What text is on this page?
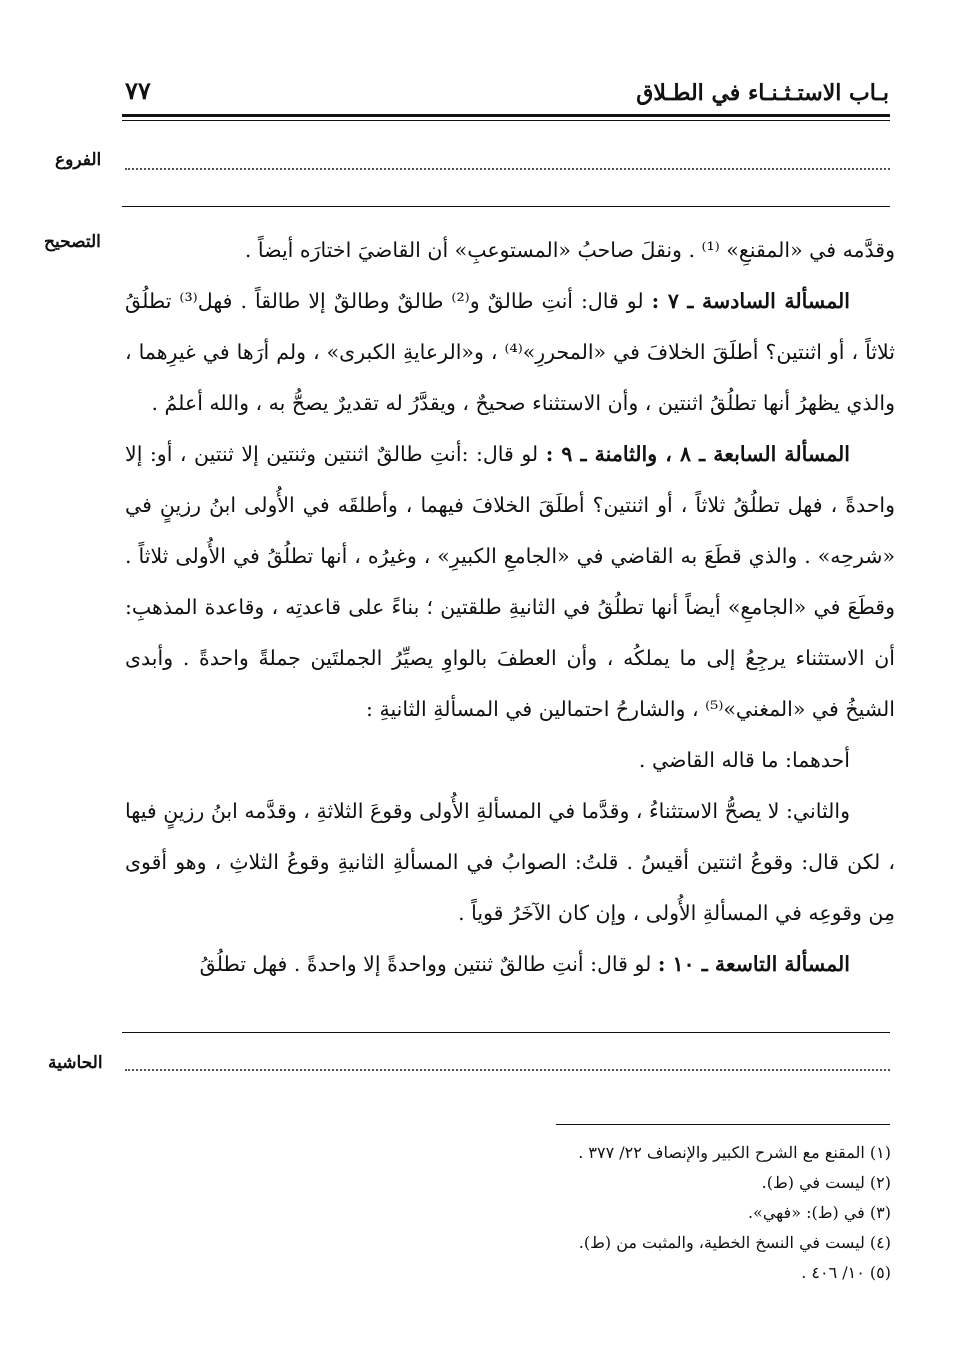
٧٧	بـاب الاستـثـنـاء في الطـلاق
الفروع
التصحيح	وقدَّمه في «المقنعِ» ⁽¹⁾ . ونقلَ صاحبُ «المستوعبِ» أن القاضيَ اختارَه أيضاً .

المسألة السادسة ـ ٧ : لو قال: أنتِ طالقٌ و⁽²⁾ طالقٌ وطالقٌ إلا طالقاً . فهل⁽³⁾ تطلُقُ ثلاثاً ، أو اثنتين؟ أطلَقَ الخلافَ في «المحررِ»⁽⁴⁾ ، و«الرعايةِ الكبرى» ، ولم أرَها في غيرِهما ، والذي يظهرُ أنها تطلُقُ اثنتين ، وأن الاستثناء صحيحٌ ، ويقدَّرُ له تقديرٌ يصحُّ به ، والله أعلمُ .

المسألة السابعة ـ ٨ ، والثامنة ـ ٩ : لو قال: :أنتِ طالقٌ اثنتين وثنتين إلا ثنتين ، أو: إلا واحدةً ، فهل تطلُقُ ثلاثاً ، أو اثنتين؟ أطلَقَ الخلافَ فيهما ، وأطلقَه في الأُولى ابنُ رزينٍ في «شرحِه» . والذي قطَعَ به القاضي في «الجامعِ الكبيرِ» ، وغيرُه ، أنها تطلُقُ في الأُولى ثلاثاً . وقطَعَ في «الجامعِ» أيضاً أنها تطلُقُ في الثانيةِ طلقتين ؛ بناءً على قاعدتِه ، وقاعدة المذهبِ: أن الاستثناء يرجِعُ إلى ما يملكُه ، وأن العطفَ بالواوِ يصيِّرُ الجملتَين جملةً واحدةً . وأبدى الشيخُ في «المغني»⁽⁵⁾ ، والشارحُ احتمالين في المسألةِ الثانيةِ :

أحدهما: ما قاله القاضي .

والثاني: لا يصحُّ الاستثناءُ ، وقدَّما في المسألةِ الأُولى وقوعَ الثلاثةِ ، وقدَّمه ابنُ رزينٍ فيها ، لكن قال: وقوعُ اثنتين أقيسُ . قلتُ: الصوابُ في المسألةِ الثانيةِ وقوعُ الثلاثِ ، وهو أقوى مِن وقوعِه في المسألةِ الأُولى ، وإن كان الآخَرُ قوياً .

المسألة التاسعة ـ ١٠ : لو قال: أنتِ طالقٌ ثنتين وواحدةً إلا واحدةً . فهل تطلُقُ

الحاشية
(١) المقنع مع الشرح الكبير والإنصاف ٢٢/ ٣٧٧ .
(٢) ليست في (ط).
(٣) في (ط): «فهي».
(٤) ليست في النسخ الخطية، والمثبت من (ط).
(٥) ١٠/ ٤٠٦ .
